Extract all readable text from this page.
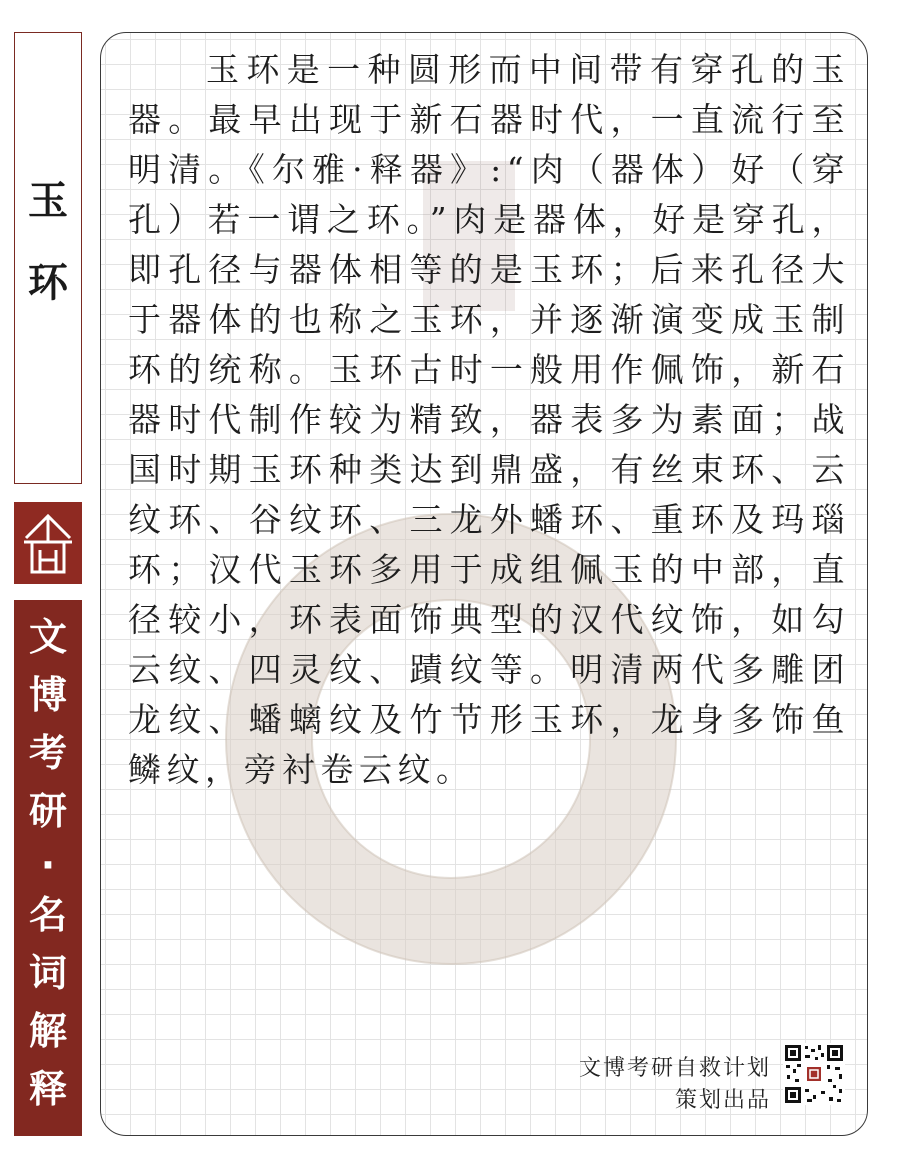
玉
环
文
博
考
研
·
名
词
解
释

玉环是一种圆形而中间带有穿孔的玉器。最早出现于新石器时代，一直流行至明清。《尔雅·释器》:“肉（器体）好（穿孔）若一谓之环。”肉是器体，好是穿孔，即孔径与器体相等的是玉环；后来孔径大于器体的也称之玉环，并逐渐演变成玉制环的统称。玉环古时一般用作佩饰，新石器时代制作较为精致，器表多为素面；战国时期玉环种类达到鼎盛，有丝束环、云纹环、谷纹环、三龙外蟠环、重环及玛瑙环；汉代玉环多用于成组佩玉的中部，直径较小，环表面饰典型的汉代纹饰，如勾云纹、四灵纹、蹟纹等。明清两代多雕团龙纹、蟠螭纹及竹节形玉环，龙身多饰鱼鳞纹，旁衬卷云纹。

文博考研自救计划
策划出品
